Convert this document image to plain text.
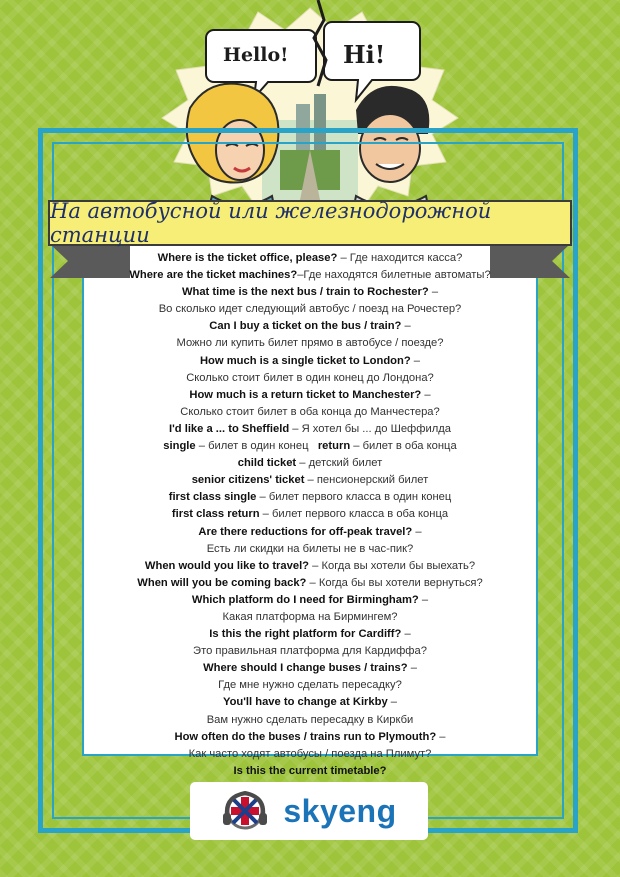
Hello! Hi!
На автобусной или железнодорожной станции
Where is the ticket office, please? – Где находится касса?
Where are the ticket machines?–Где находятся билетные автоматы?
What time is the next bus / train to Rochester? –
Во сколько идет следующий автобус / поезд на Рочестер?
Can I buy a ticket on the bus / train? –
Можно ли купить билет прямо в автобусе / поезде?
How much is a single ticket to London? –
Сколько стоит билет в один конец до Лондона?
How much is a return ticket to Manchester? –
Сколько стоит билет в оба конца до Манчестера?
I'd like a ... to Sheffield – Я хотел бы ... до Шеффилда
single – билет в один конец return – билет в оба конца
child ticket – детский билет
senior citizens' ticket – пенсионерский билет
first class single – билет первого класса в один конец
first class return – билет первого класса в оба конца
Are there reductions for off-peak travel? –
Есть ли скидки на билеты не в час-пик?
When would you like to travel? – Когда вы хотели бы выехать?
When will you be coming back? – Когда бы вы хотели вернуться?
Which platform do I need for Birmingham? –
Какая платформа на Бирмингем?
Is this the right platform for Cardiff? –
Это правильная платформа для Кардиффа?
Where should I change buses / trains? –
Где мне нужно сделать пересадку?
You'll have to change at Kirkby –
Вам нужно сделать пересадку в Киркби
How often do the buses / trains run to Plymouth? –
Как часто ходят автобусы / поезда на Плимут?
Is this the current timetable?
skyeng
